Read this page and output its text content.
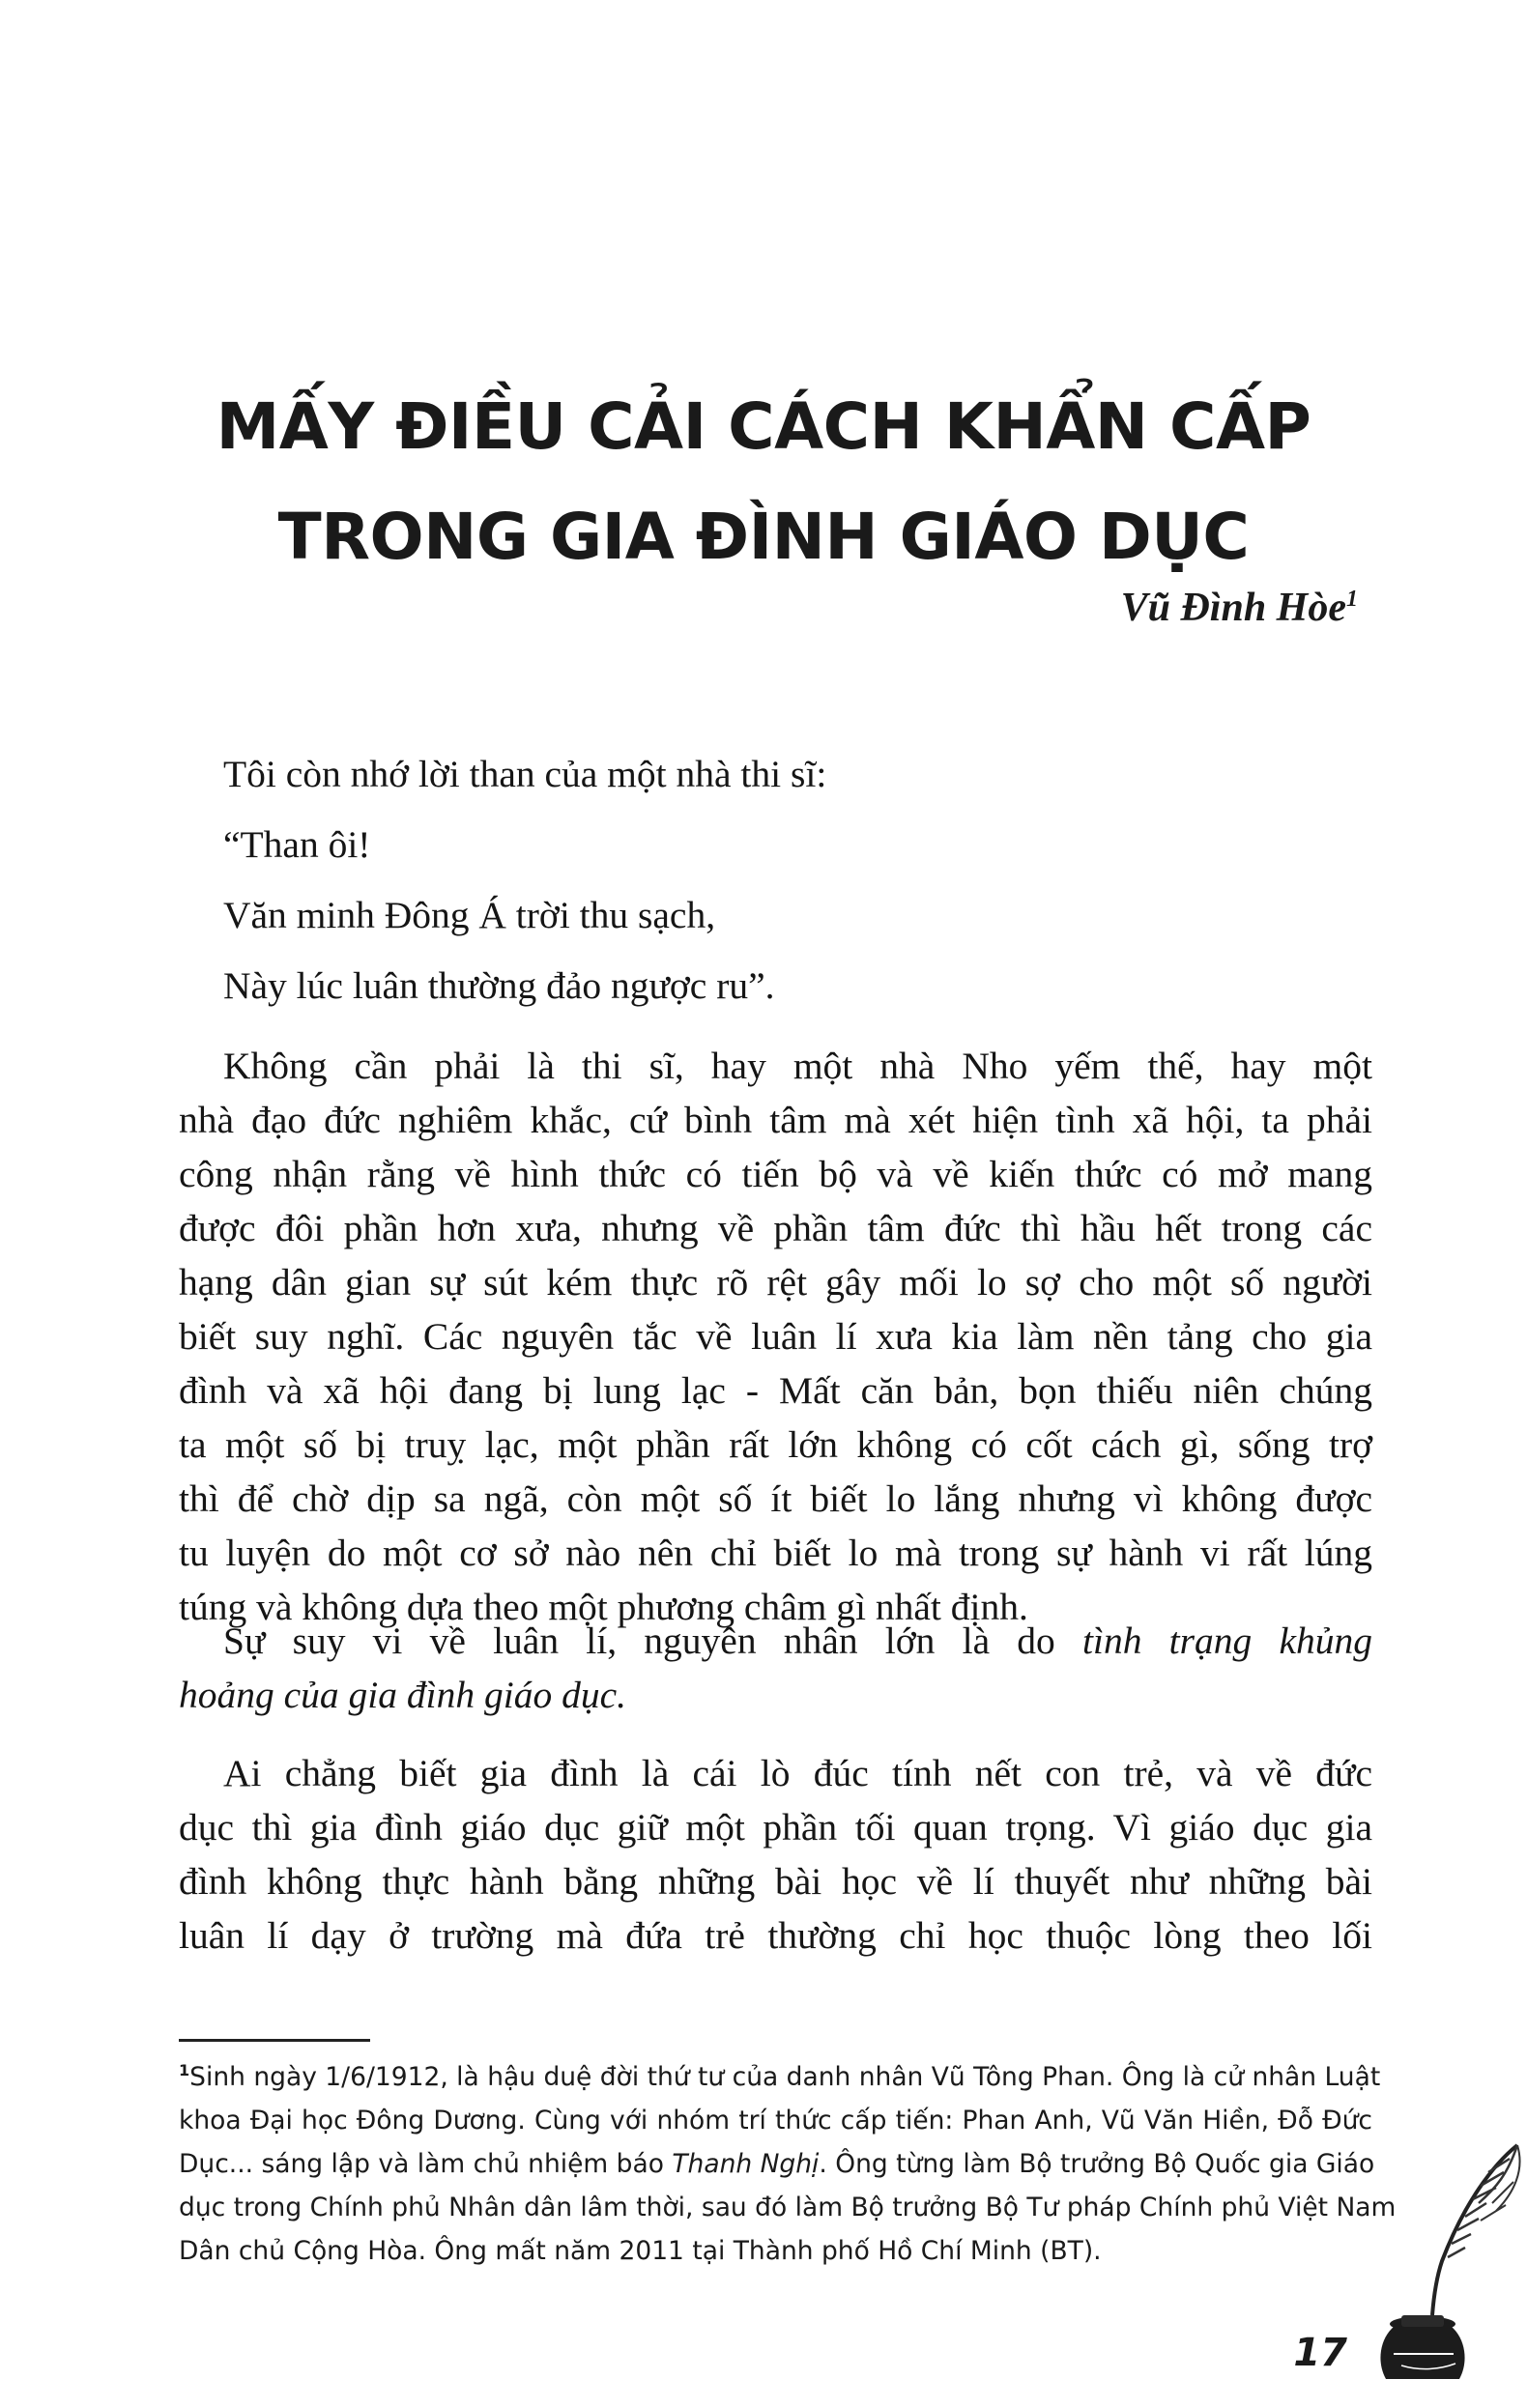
MẤY ĐIỀU CẢI CÁCH KHẨN CẤP
TRONG GIA ĐÌNH GIÁO DỤC
Vũ Đình Hòe$^1$

Tôi còn nhớ lời than của một nhà thi sĩ:

“Than ôi!

Văn minh Đông Á trời thu sạch,

Này lúc luân thường đảo ngược ru”.

Không cần phải là thi sĩ, hay một nhà Nho yếm thế, hay một
nhà đạo đức nghiêm khắc, cứ bình tâm mà xét hiện tình xã hội, ta phải
công nhận rằng về hình thức có tiến bộ và về kiến thức có mở mang
được đôi phần hơn xưa, nhưng về phần tâm đức thì hầu hết trong các
hạng dân gian sự sút kém thực rõ rệt gây mối lo sợ cho một số người
biết suy nghĩ. Các nguyên tắc về luân lí xưa kia làm nền tảng cho gia
đình và xã hội đang bị lung lạc - Mất căn bản, bọn thiếu niên chúng
ta một số bị truỵ lạc, một phần rất lớn không có cốt cách gì, sống trợ
thì để chờ dịp sa ngã, còn một số ít biết lo lắng nhưng vì không được
tu luyện do một cơ sở nào nên chỉ biết lo mà trong sự hành vi rất lúng
túng và không dựa theo một phương châm gì nhất định.
Sự suy vi về luân lí, nguyên nhân lớn là do tình trạng khủng
hoảng của gia đình giáo dục.
Ai chẳng biết gia đình là cái lò đúc tính nết con trẻ, và về đức
dục thì gia đình giáo dục giữ một phần tối quan trọng. Vì giáo dục gia
đình không thực hành bằng những bài học về lí thuyết như những bài
luân lí dạy ở trường mà đứa trẻ thường chỉ học thuộc lòng theo lối
$^1$Sinh ngày 1/6/1912, là hậu duệ đời thứ tư của danh nhân Vũ Tông Phan. Ông là cử nhân Luật
khoa Đại học Đông Dương. Cùng với nhóm trí thức cấp tiến: Phan Anh, Vũ Văn Hiền, Đỗ Đức
Dục... sáng lập và làm chủ nhiệm báo Thanh Nghị. Ông từng làm Bộ trưởng Bộ Quốc gia Giáo
dục trong Chính phủ Nhân dân lâm thời, sau đó làm Bộ trưởng Bộ Tư pháp Chính phủ Việt Nam
Dân chủ Cộng Hòa. Ông mất năm 2011 tại Thành phố Hồ Chí Minh (BT).
17
